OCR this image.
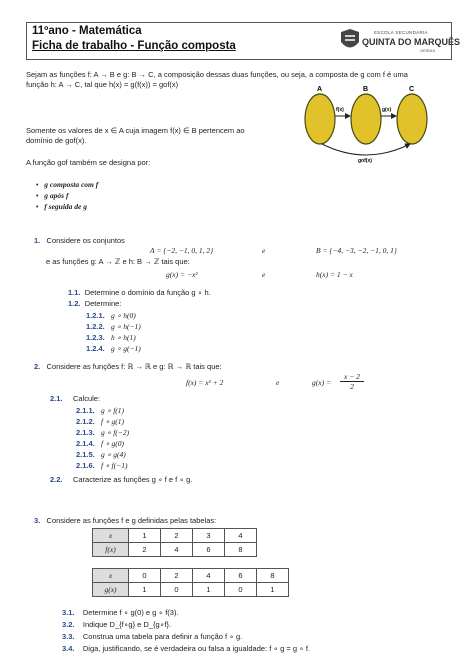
11ºano - Matemática
Ficha de trabalho - Função composta
ESCOLA SECUNDÁRIA
QUINTA DO MARQUÊS
OEIRAS
Sejam as funções f: A → B e g: B → C, a composição dessas duas funções, ou seja, a composta de g com f é uma
função h: A → C, tal que h(x) = g(f(x)) = gof(x)
Somente os valores de x ∈ A cuja imagem f(x) ∈ B pertencem ao
domínio de gof(x).
A função gof também se designa por:
•   g composta com f
•   g após f
•   f seguida de g
A	B	C
f(x)	g(x)
gof(x)
1. Considere os conjuntos
A = {−2, −1, 0, 1, 2}	e	B = {−4, −3, −2, −1, 0, 1}
e as funções g: A → ℤ e h: B → ℤ tais que:
g(x) = −x²	e	h(x) = 1 − x
1.1. Determine o domínio da função g ∘ h.
1.2. Determine:
1.2.1. g ∘ h(0)
1.2.2. g ∘ h(−1)
1.2.3. h ∘ h(1)
1.2.4. g ∘ g(−1)
2. Considere as funções f: ℝ → ℝ e g: ℝ → ℝ tais que:
f(x) = x² + 2	e	$g(x) = \frac{x - 2}{2}$
2.1. Calcule:
2.1.1. g ∘ f(1)
2.1.2. f ∘ g(1)
2.1.3. g ∘ f(−2)
2.1.4. f ∘ g(0)
2.1.5. g ∘ g(4)
2.1.6. f ∘ f(−1)
2.2. Caracterize as funções g ∘ f e f ∘ g.
3. Considere as funções f e g definidas pelas tabelas:
x	1	2	3	4
f(x)	2	4	6	8
x	0	2	4	6	8
g(x)	1	0	1	0	1
3.1. Determine f ∘ g(0) e g ∘ f(3).
3.2. Indique D_{f∘g} e D_{g∘f}.
3.3. Construa uma tabela para definir a função f ∘ g.
3.4. Diga, justificando, se é verdadeira ou falsa a igualdade: f ∘ g = g ∘ f.
